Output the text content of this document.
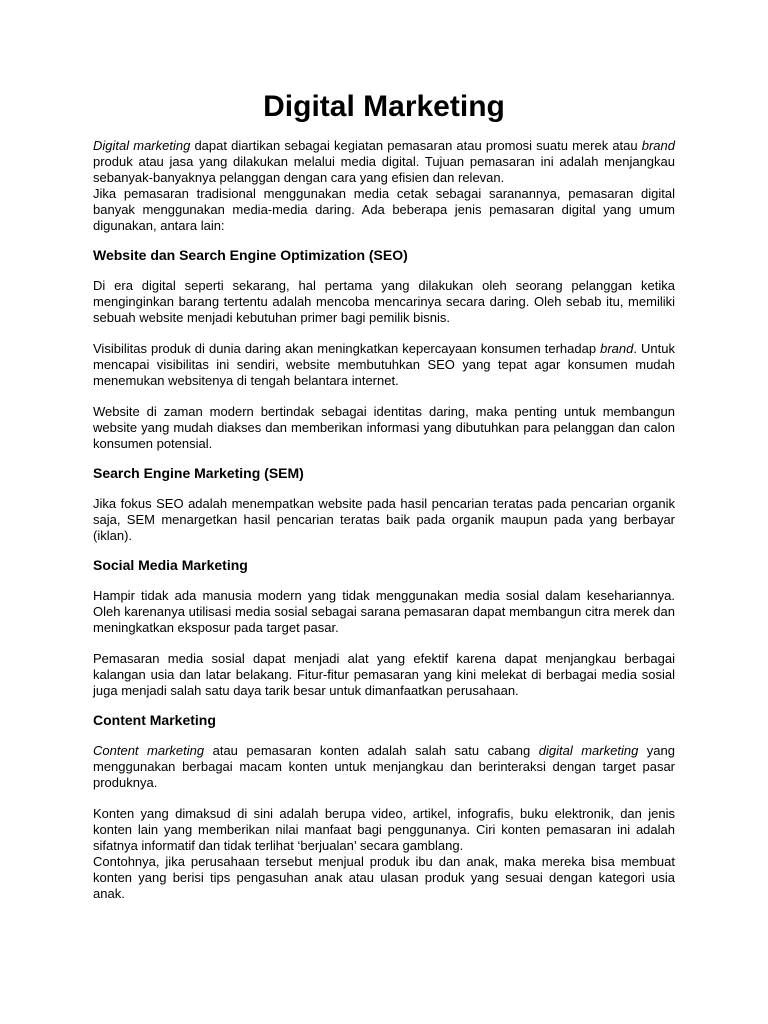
Digital Marketing

Digital marketing dapat diartikan sebagai kegiatan pemasaran atau promosi suatu merek atau brand produk atau jasa yang dilakukan melalui media digital. Tujuan pemasaran ini adalah menjangkau sebanyak-banyaknya pelanggan dengan cara yang efisien dan relevan.

Jika pemasaran tradisional menggunakan media cetak sebagai saranannya, pemasaran digital banyak menggunakan media-media daring. Ada beberapa jenis pemasaran digital yang umum digunakan, antara lain:

Website dan Search Engine Optimization (SEO)

Di era digital seperti sekarang, hal pertama yang dilakukan oleh seorang pelanggan ketika menginginkan barang tertentu adalah mencoba mencarinya secara daring. Oleh sebab itu, memiliki sebuah website menjadi kebutuhan primer bagi pemilik bisnis.

Visibilitas produk di dunia daring akan meningkatkan kepercayaan konsumen terhadap brand. Untuk mencapai visibilitas ini sendiri, website membutuhkan SEO yang tepat agar konsumen mudah menemukan websitenya di tengah belantara internet.

Website di zaman modern bertindak sebagai identitas daring, maka penting untuk membangun website yang mudah diakses dan memberikan informasi yang dibutuhkan para pelanggan dan calon konsumen potensial.

Search Engine Marketing (SEM)

Jika fokus SEO adalah menempatkan website pada hasil pencarian teratas pada pencarian organik saja, SEM menargetkan hasil pencarian teratas baik pada organik maupun pada yang berbayar (iklan).

Social Media Marketing

Hampir tidak ada manusia modern yang tidak menggunakan media sosial dalam kesehariannya. Oleh karenanya utilisasi media sosial sebagai sarana pemasaran dapat membangun citra merek dan meningkatkan eksposur pada target pasar.

Pemasaran media sosial dapat menjadi alat yang efektif karena dapat menjangkau berbagai kalangan usia dan latar belakang. Fitur-fitur pemasaran yang kini melekat di berbagai media sosial juga menjadi salah satu daya tarik besar untuk dimanfaatkan perusahaan.

Content Marketing

Content marketing atau pemasaran konten adalah salah satu cabang digital marketing yang menggunakan berbagai macam konten untuk menjangkau dan berinteraksi dengan target pasar produknya.

Konten yang dimaksud di sini adalah berupa video, artikel, infografis, buku elektronik, dan jenis konten lain yang memberikan nilai manfaat bagi penggunanya. Ciri konten pemasaran ini adalah sifatnya informatif dan tidak terlihat ‘berjualan’ secara gamblang.

Contohnya, jika perusahaan tersebut menjual produk ibu dan anak, maka mereka bisa membuat konten yang berisi tips pengasuhan anak atau ulasan produk yang sesuai dengan kategori usia anak.
